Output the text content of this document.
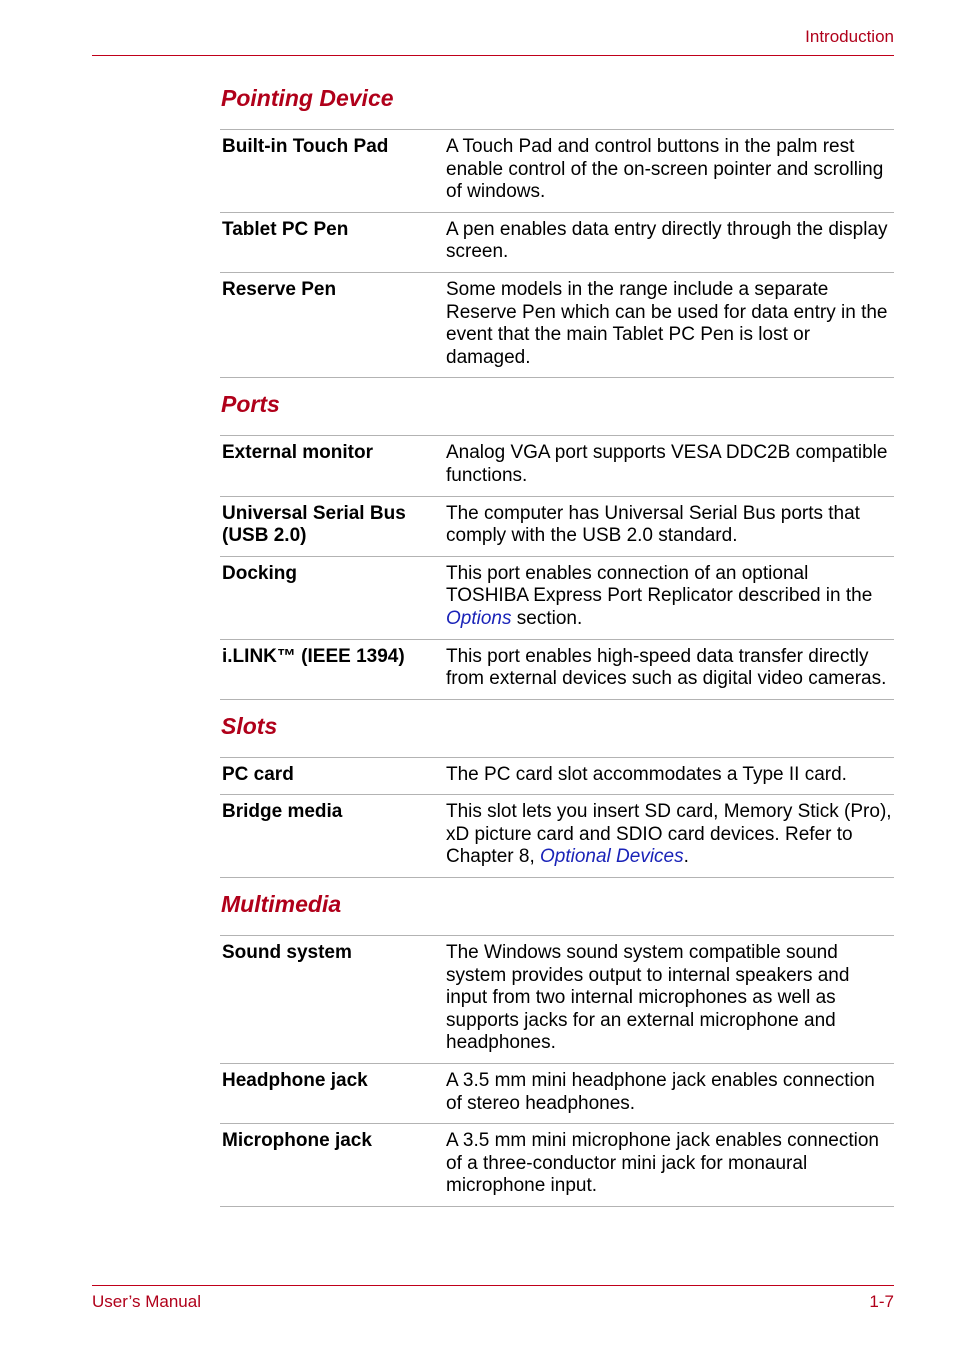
Introduction
Pointing Device
Built-in Touch Pad	A Touch Pad and control buttons in the palm rest enable control of the on-screen pointer and scrolling of windows.
Tablet PC Pen	A pen enables data entry directly through the display screen.
Reserve Pen	Some models in the range include a separate Reserve Pen which can be used for data entry in the event that the main Tablet PC Pen is lost or damaged.
Ports
External monitor	Analog VGA port supports VESA DDC2B compatible functions.
Universal Serial Bus (USB 2.0)	The computer has Universal Serial Bus ports that comply with the USB 2.0 standard.
Docking	This port enables connection of an optional TOSHIBA Express Port Replicator described in the Options section.
i.LINK™ (IEEE 1394)	This port enables high-speed data transfer directly from external devices such as digital video cameras.
Slots
PC card	The PC card slot accommodates a Type II card.
Bridge media	This slot lets you insert SD card, Memory Stick (Pro), xD picture card and SDIO card devices. Refer to Chapter 8, Optional Devices.
Multimedia
Sound system	The Windows sound system compatible sound system provides output to internal speakers and input from two internal microphones as well as supports jacks for an external microphone and headphones.
Headphone jack	A 3.5 mm mini headphone jack enables connection of stereo headphones.
Microphone jack	A 3.5 mm mini microphone jack enables connection of a three-conductor mini jack for monaural microphone input.
User’s Manual	1-7
